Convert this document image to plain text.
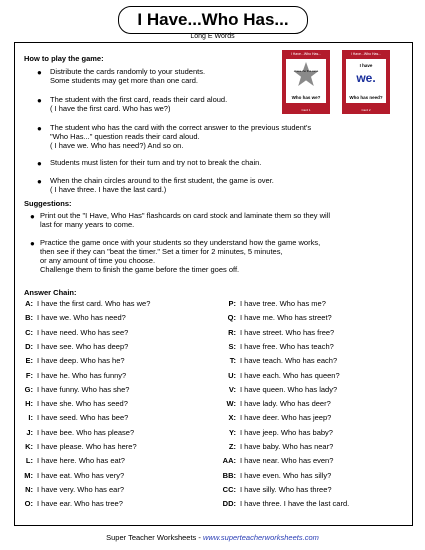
I Have...Who Has...
Long E Words
How to play the game:
● Distribute the cards randomly to your students.
Some students may get more than one card.
● The student with the first card, reads their card aloud.
( I have the first card. Who has we?)
● The student who has the card with the correct answer to the previous student's
"Who Has..." question reads their card aloud.
( I have we. Who has need?) And so on.
● Students must listen for their turn and try not to break the chain.
● When the chain circles around to the first student, the game is over.
( I have three. I have the last card.)
I Have...Who Has...
I have the first card.
Who has we?
Card 1
I Have...Who Has...
I have
we.
Who has need?
Card 2
Suggestions:
● Print out the "I Have, Who Has" flashcards on card stock and laminate them so they will
last for many years to come.
● Practice the game once with your students so they understand how the game works,
then see if they can "beat the timer." Set a timer for 2 minutes, 5 minutes,
or any amount of time you choose.
Challenge them to finish the game before the timer goes off.
Answer Chain:
A: I have the first card. Who has we?
B: I have we. Who has need?
C: I have need. Who has see?
D: I have see. Who has deep?
E: I have deep. Who has he?
F: I have he. Who has funny?
G: I have funny. Who has she?
H: I have she. Who has seed?
I: I have seed. Who has bee?
J: I have bee. Who has please?
K: I have please. Who has here?
L: I have here. Who has eat?
M: I have eat. Who has very?
N: I have very. Who has ear?
O: I have ear. Who has tree?
P: I have tree. Who has me?
Q: I have me. Who has street?
R: I have street. Who has free?
S: I have free. Who has teach?
T: I have teach. Who has each?
U: I have each. Who has queen?
V: I have queen. Who has lady?
W: I have lady. Who has deer?
X: I have deer. Who has jeep?
Y: I have jeep. Who has baby?
Z: I have baby. Who has near?
AA: I have near. Who has even?
BB: I have even. Who has silly?
CC: I have silly. Who has three?
DD: I have three. I have the last card.
Super Teacher Worksheets - www.superteacherworksheets.com
